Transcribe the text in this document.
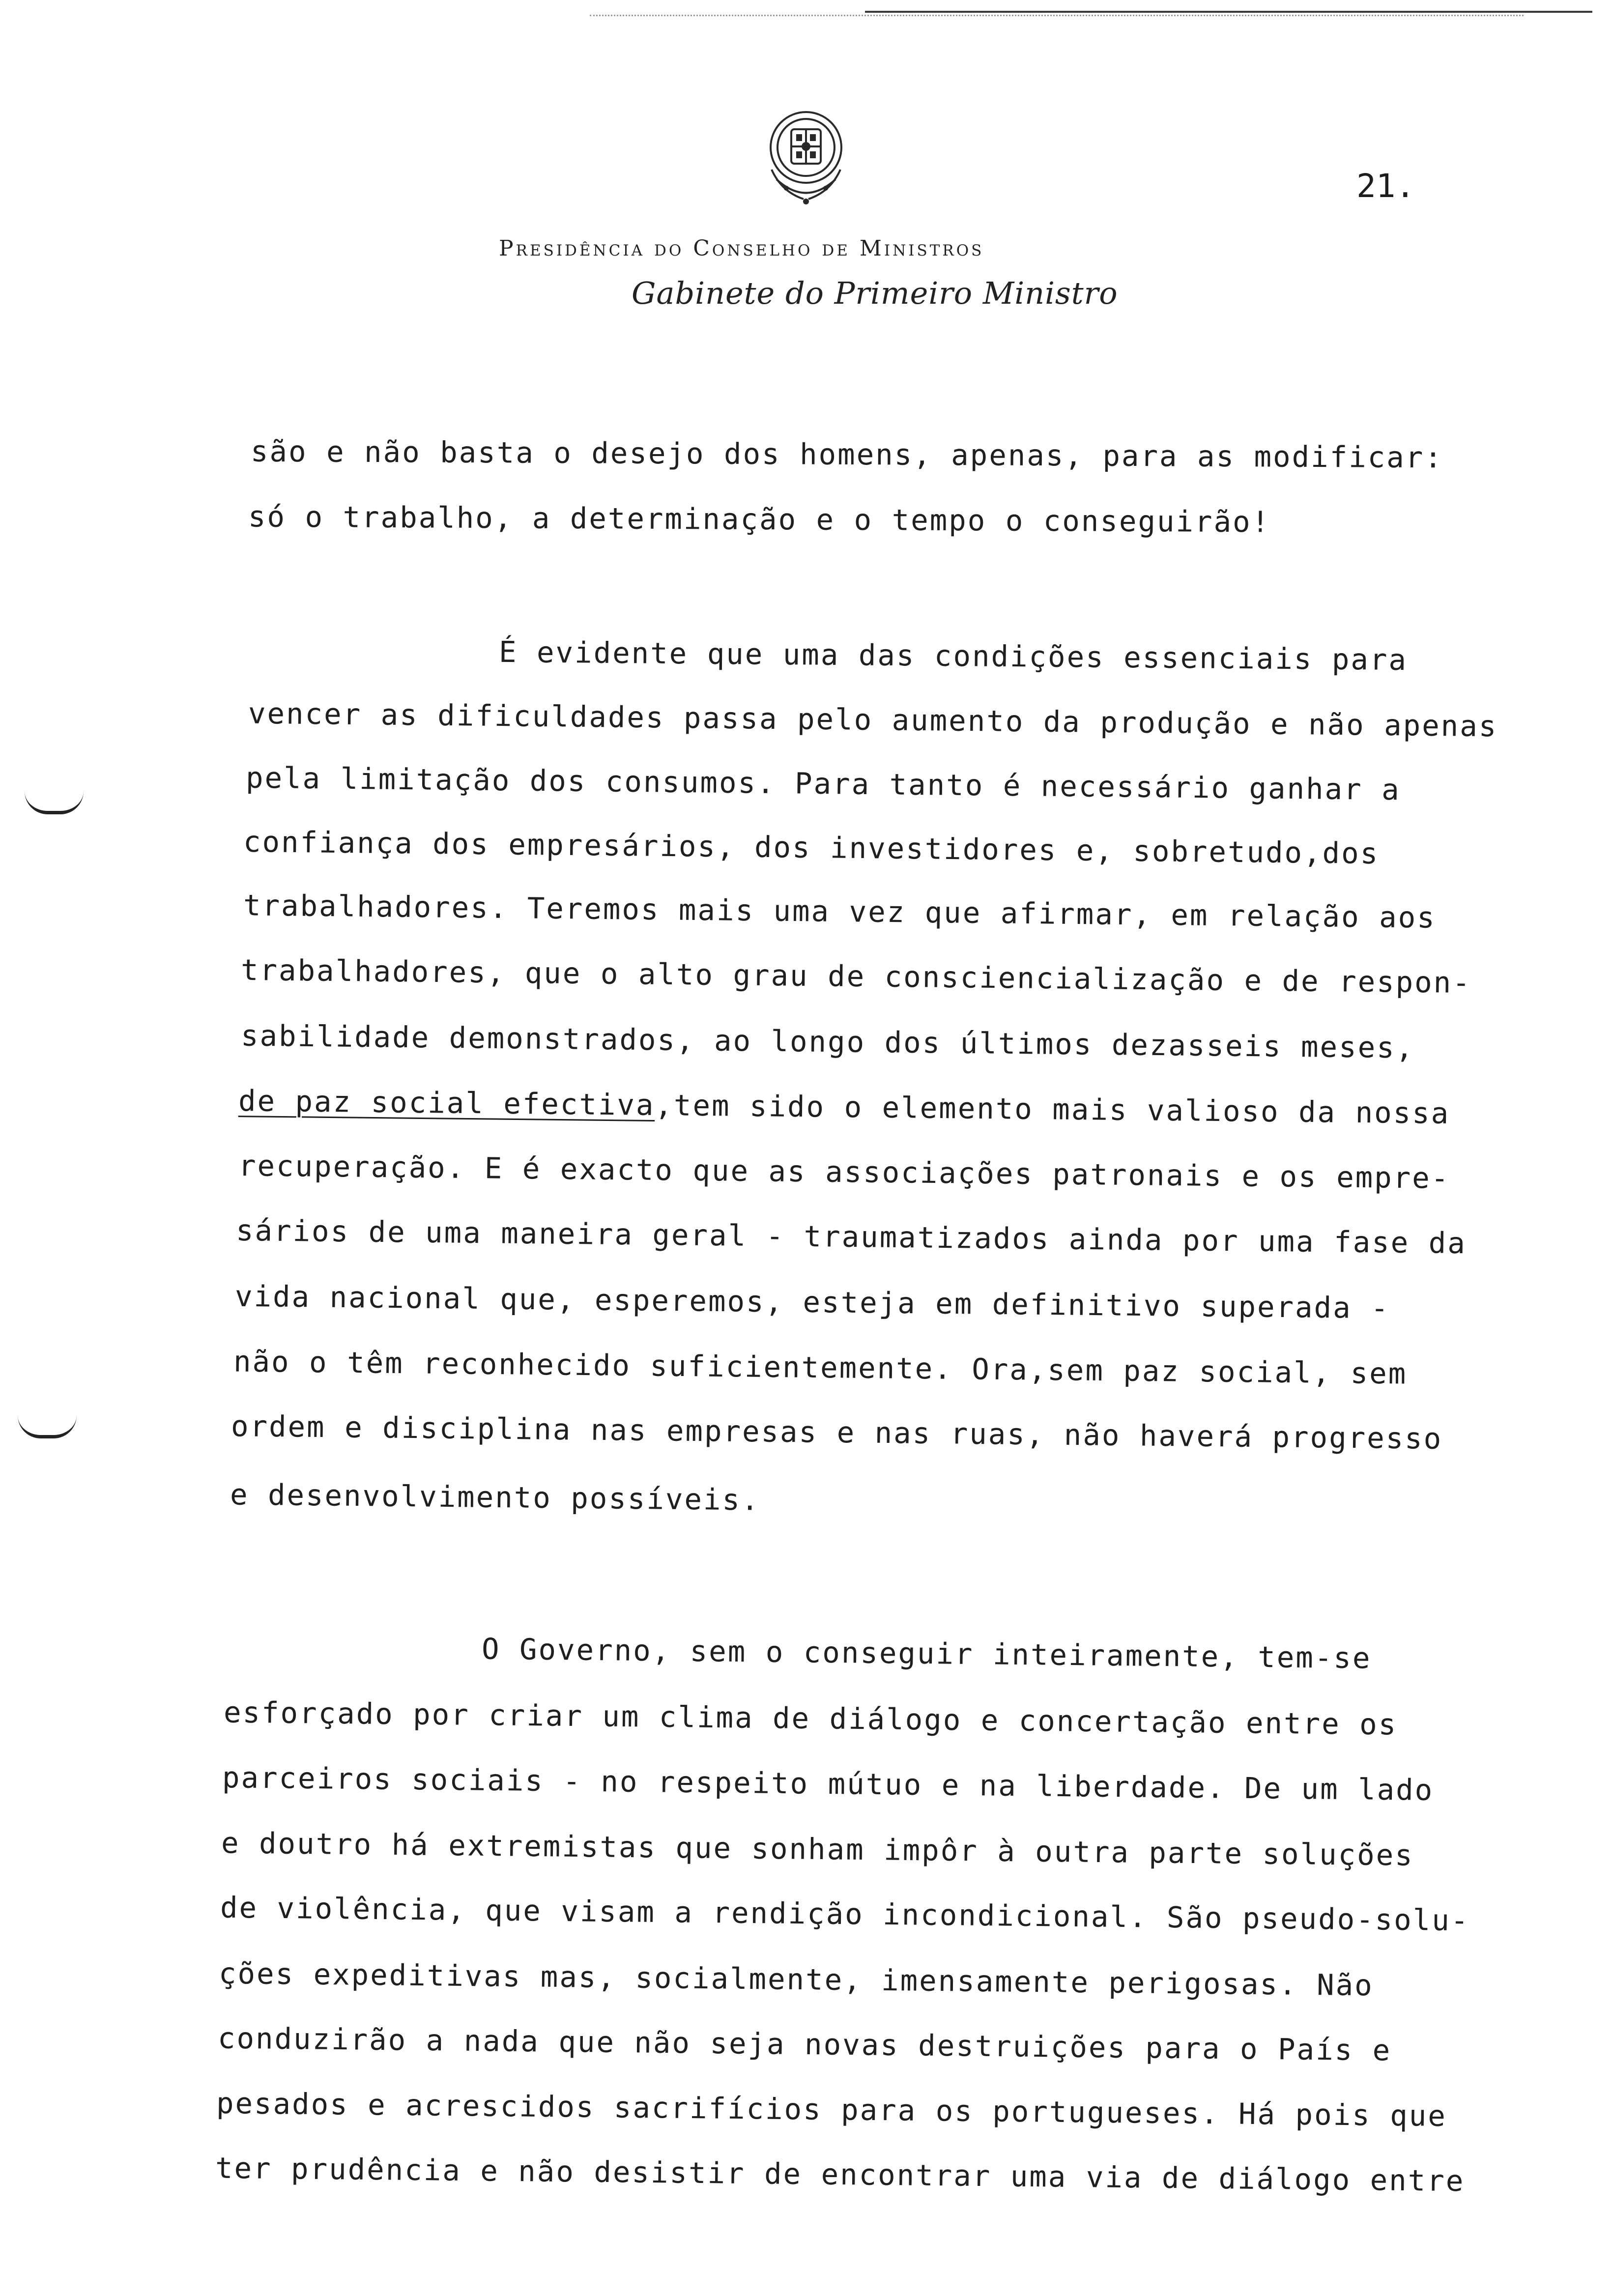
21.
Presidência do Conselho de Ministros
Gabinete do Primeiro Ministro
são e não basta o desejo dos homens, apenas, para as modificar:
só o trabalho, a determinação e o tempo o conseguirão!
É evidente que uma das condições essenciais para
vencer as dificuldades passa pelo aumento da produção e não apenas
pela limitação dos consumos. Para tanto é necessário ganhar a
confiança dos empresários, dos investidores e, sobretudo,dos
trabalhadores. Teremos mais uma vez que afirmar, em relação aos
trabalhadores, que o alto grau de consciencialização e de respon-
sabilidade demonstrados, ao longo dos últimos dezasseis meses,
de paz social efectiva,tem sido o elemento mais valioso da nossa
recuperação. E é exacto que as associações patronais e os empre-
sários de uma maneira geral - traumatizados ainda por uma fase da
vida nacional que, esperemos, esteja em definitivo superada -
não o têm reconhecido suficientemente. Ora,sem paz social, sem
ordem e disciplina nas empresas e nas ruas, não haverá progresso
e desenvolvimento possíveis.
O Governo, sem o conseguir inteiramente, tem-se
esforçado por criar um clima de diálogo e concertação entre os
parceiros sociais - no respeito mútuo e na liberdade. De um lado
e doutro há extremistas que sonham impôr à outra parte soluções
de violência, que visam a rendição incondicional. São pseudo-solu-
ções expeditivas mas, socialmente, imensamente perigosas. Não
conduzirão a nada que não seja novas destruições para o País e
pesados e acrescidos sacrifícios para os portugueses. Há pois que
ter prudência e não desistir de encontrar uma via de diálogo entre
